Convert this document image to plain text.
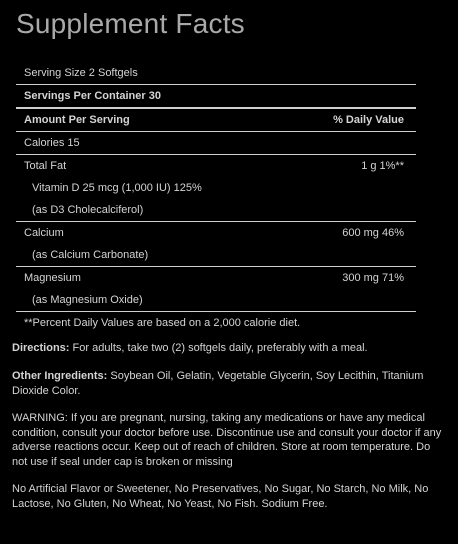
Supplement Facts
Serving Size 2 Softgels
Servings Per Container 30
Amount Per Serving	% Daily Value
Calories 15
Total Fat	1 g 1%**
Vitamin D 25 mcg (1,000 IU) 125%
(as D3 Cholecalciferol)
Calcium	600 mg 46%
(as Calcium Carbonate)
Magnesium	300 mg 71%
(as Magnesium Oxide)
**Percent Daily Values are based on a 2,000 calorie diet.
Directions: For adults, take two (2) softgels daily, preferably with a meal.
Other Ingredients: Soybean Oil, Gelatin, Vegetable Glycerin, Soy Lecithin, Titanium Dioxide Color.
WARNING: If you are pregnant, nursing, taking any medications or have any medical condition, consult your doctor before use. Discontinue use and consult your doctor if any adverse reactions occur. Keep out of reach of children. Store at room temperature. Do not use if seal under cap is broken or missing
No Artificial Flavor or Sweetener, No Preservatives, No Sugar, No Starch, No Milk, No Lactose, No Gluten, No Wheat, No Yeast, No Fish. Sodium Free.
